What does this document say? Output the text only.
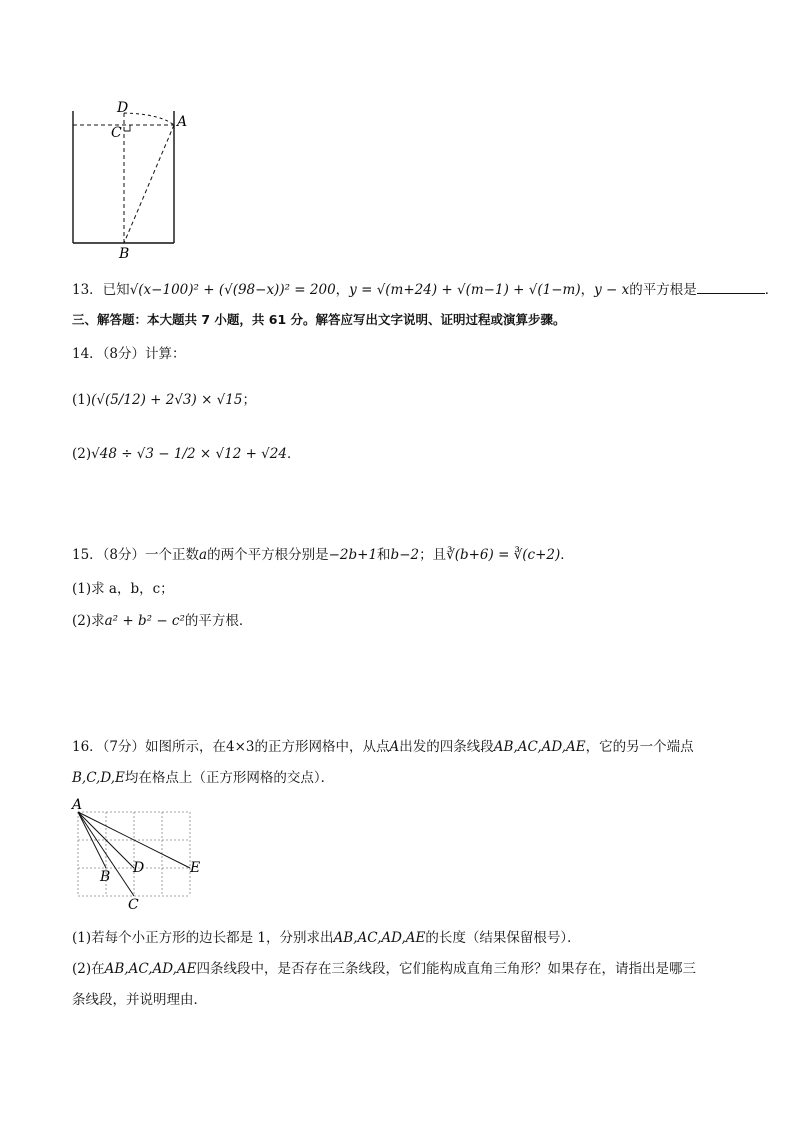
D
C
A
B
13．已知√(x−100)² + (√(98−x))² = 200，y = √(m+24) + √(m−1) + √(1−m)，y − x的平方根是	．
三、解答题：本大题共 7 小题，共 61 分。解答应写出文字说明、证明过程或演算步骤。
14．（8分）计算：
(1)(√(5/12) + 2√3) × √15；
(2)√48 ÷ √3 − 1/2 × √12 + √24．
15．（8分）一个正数a的两个平方根分别是−2b+1和b−2；且∛(b+6) = ∛(c+2)．
(1)求 a，b，c；
(2)求a² + b² − c²的平方根．
16．（7分）如图所示，在4×3的正方形网格中，从点A出发的四条线段AB,AC,AD,AE，它的另一个端点
B,C,D,E均在格点上（正方形网格的交点）．
A
B
C
D	E
(1)若每个小正方形的边长都是 1，分别求出AB,AC,AD,AE的长度（结果保留根号）．
(2)在AB,AC,AD,AE四条线段中，是否存在三条线段，它们能构成直角三角形？如果存在，请指出是哪三
条线段，并说明理由．
